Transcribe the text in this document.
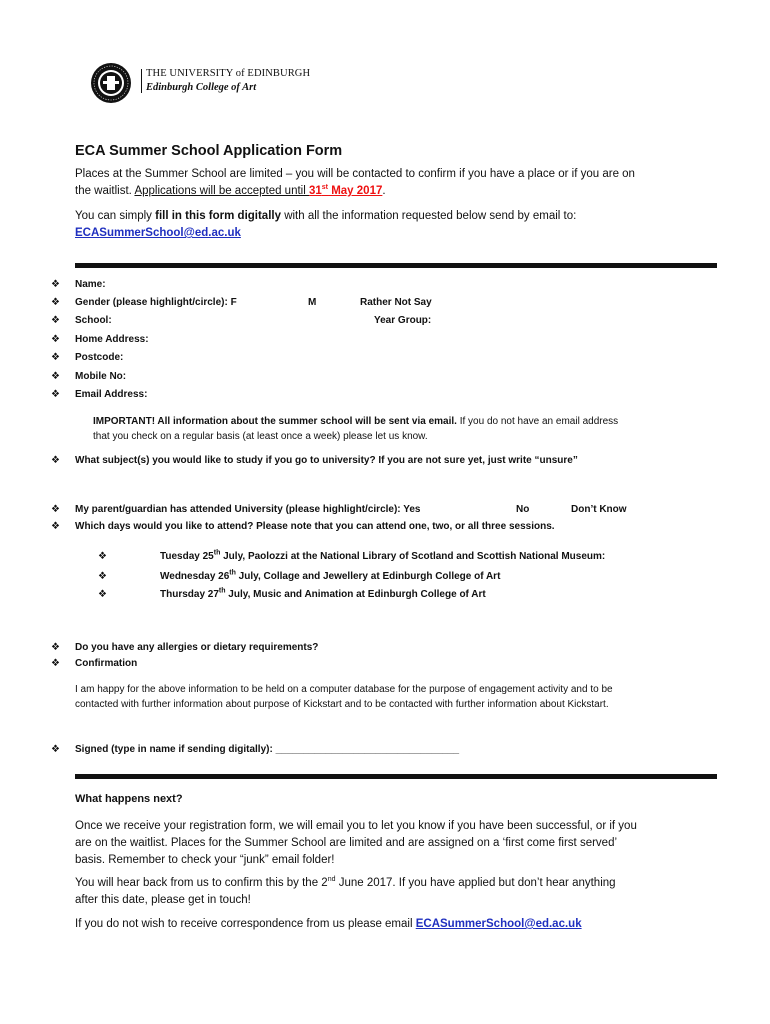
THE UNIVERSITY of EDINBURGH
Edinburgh College of Art
ECA Summer School Application Form
Places at the Summer School are limited – you will be contacted to confirm if you have a place or if you are on
the waitlist. Applications will be accepted until 31st May 2017.
You can simply fill in this form digitally with all the information requested below send by email to:
ECASummerSchool@ed.ac.uk
❖ Name:
❖ Gender (please highlight/circle): F	M	Rather Not Say
❖ School:	Year Group:
❖ Home Address:
❖ Postcode:
❖ Mobile No:
❖ Email Address:
IMPORTANT! All information about the summer school will be sent via email. If you do not have an email address
that you check on a regular basis (at least once a week) please let us know.
❖ What subject(s) you would like to study if you go to university? If you are not sure yet, just write “unsure”
❖ My parent/guardian has attended University (please highlight/circle): Yes	No	Don’t Know
❖ Which days would you like to attend? Please note that you can attend one, two, or all three sessions.
❖	Tuesday 25th July, Paolozzi at the National Library of Scotland and Scottish National Museum:
❖	Wednesday 26th July, Collage and Jewellery at Edinburgh College of Art
❖	Thursday 27th July, Music and Animation at Edinburgh College of Art
❖ Do you have any allergies or dietary requirements?
❖ Confirmation
I am happy for the above information to be held on a computer database for the purpose of engagement activity and to be
contacted with further information about purpose of Kickstart and to be contacted with further information about Kickstart.
❖ Signed (type in name if sending digitally): _________________________________
What happens next?
Once we receive your registration form, we will email you to let you know if you have been successful, or if you
are on the waitlist. Places for the Summer School are limited and are assigned on a ‘first come first served’
basis. Remember to check your “junk” email folder!
You will hear back from us to confirm this by the 2nd June 2017. If you have applied but don’t hear anything
after this date, please get in touch!
If you do not wish to receive correspondence from us please email ECASummerSchool@ed.ac.uk
